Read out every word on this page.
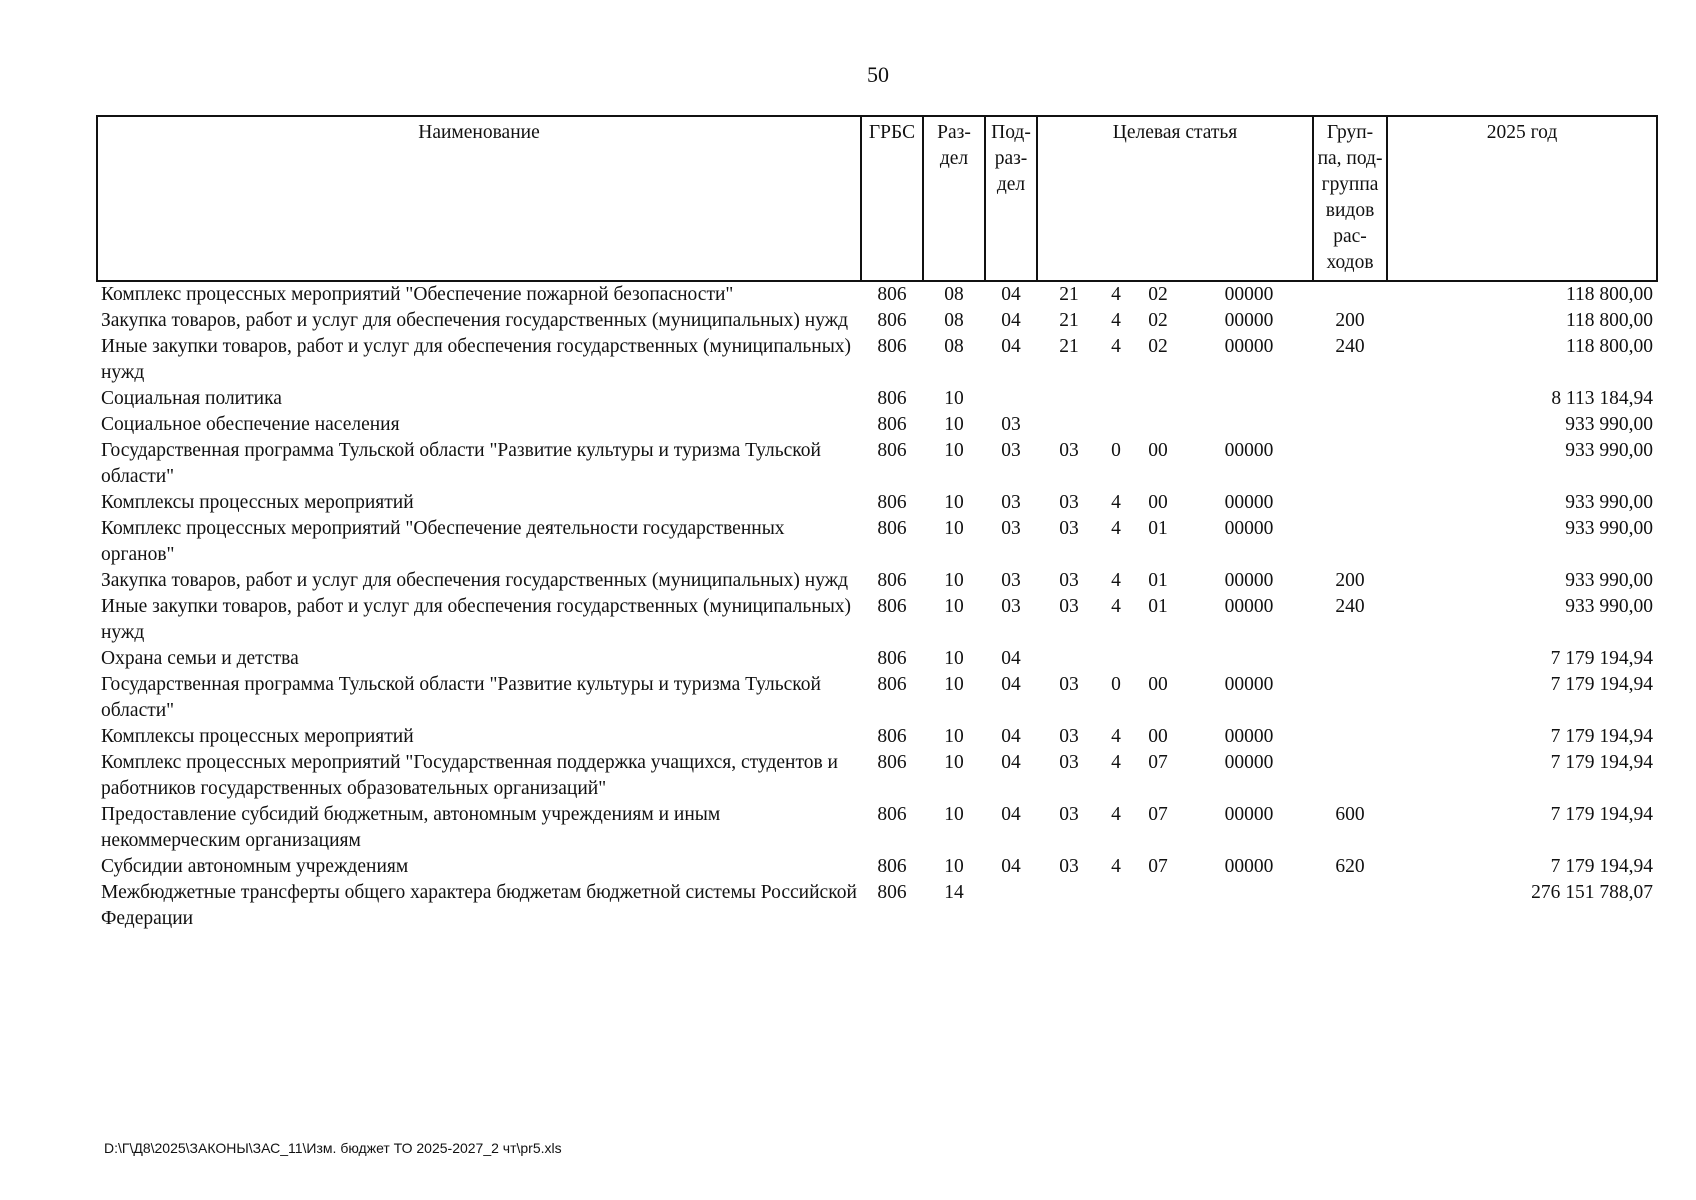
50
Наименование	ГРБС	Раз- дел	Под- раз- дел	Целевая статья				Груп- па, под- группа видов рас- ходов	2025 год
Комплекс процессных мероприятий "Обеспечение пожарной безопасности"	806	08	04	21	4	02	00000		118 800,00
Закупка товаров, работ и услуг для обеспечения государственных (муниципальных) нужд	806	08	04	21	4	02	00000	200	118 800,00
Иные закупки товаров, работ и услуг для обеспечения государственных (муниципальных) нужд	806	08	04	21	4	02	00000	240	118 800,00
Социальная политика	806	10							8 113 184,94
Социальное обеспечение населения	806	10	03						933 990,00
Государственная программа Тульской области "Развитие культуры и туризма Тульской области"	806	10	03	03	0	00	00000		933 990,00
Комплексы процессных мероприятий	806	10	03	03	4	00	00000		933 990,00
Комплекс процессных мероприятий "Обеспечение деятельности государственных органов"	806	10	03	03	4	01	00000		933 990,00
Закупка товаров, работ и услуг для обеспечения государственных (муниципальных) нужд	806	10	03	03	4	01	00000	200	933 990,00
Иные закупки товаров, работ и услуг для обеспечения государственных (муниципальных) нужд	806	10	03	03	4	01	00000	240	933 990,00
Охрана семьи и детства	806	10	04						7 179 194,94
Государственная программа Тульской области "Развитие культуры и туризма Тульской области"	806	10	04	03	0	00	00000		7 179 194,94
Комплексы процессных мероприятий	806	10	04	03	4	00	00000		7 179 194,94
Комплекс процессных мероприятий "Государственная поддержка учащихся, студентов и работников государственных образовательных организаций"	806	10	04	03	4	07	00000		7 179 194,94
Предоставление субсидий бюджетным, автономным учреждениям и иным некоммерческим организациям	806	10	04	03	4	07	00000	600	7 179 194,94
Субсидии автономным учреждениям	806	10	04	03	4	07	00000	620	7 179 194,94
Межбюджетные трансферты общего характера бюджетам бюджетной системы Российской Федерации	806	14							276 151 788,07
D:\Г\Д8\2025\ЗАКОНЫ\ЗАС_11\Изм. бюджет ТО 2025-2027_2 чт\pr5.xls
